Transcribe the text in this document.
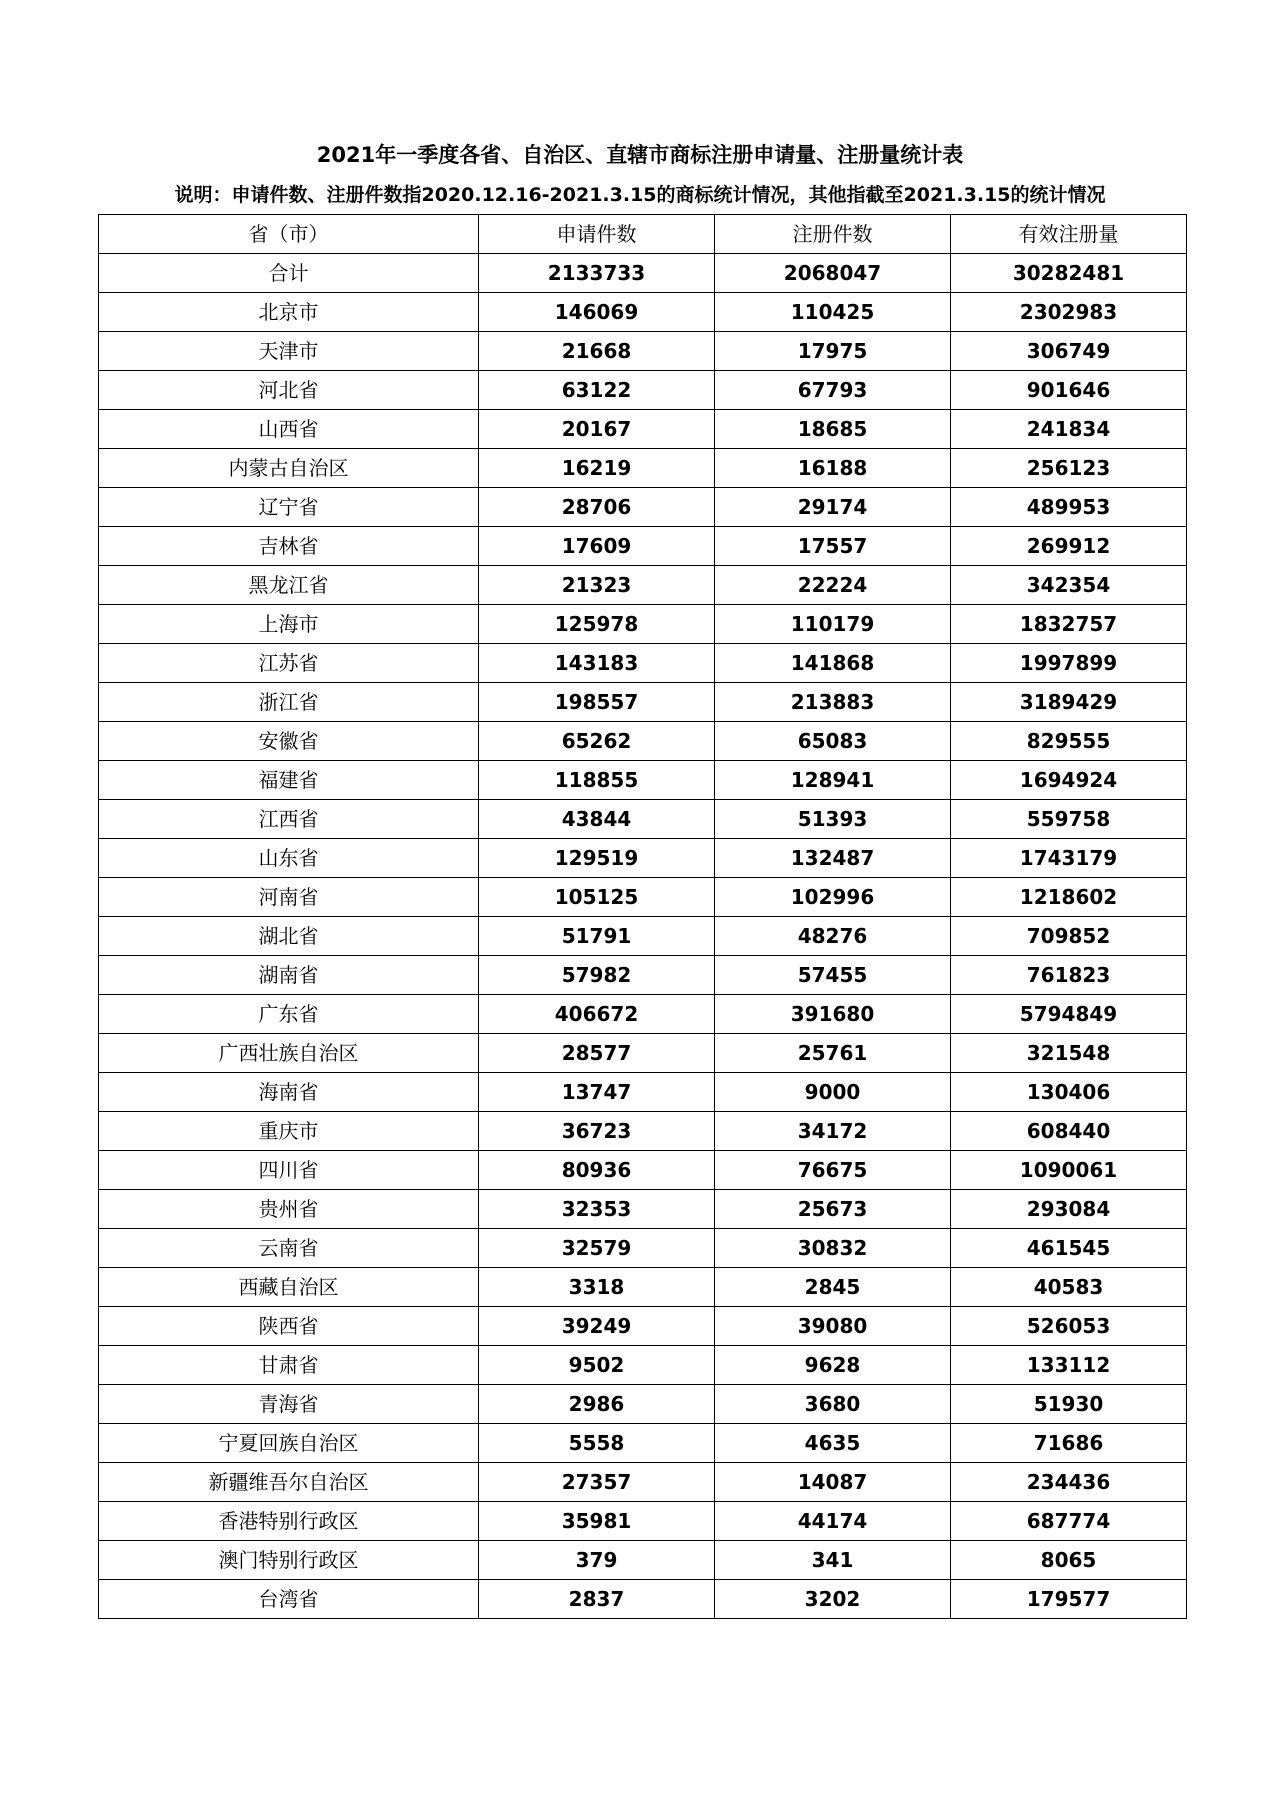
2021年一季度各省、自治区、直辖市商标注册申请量、注册量统计表
说明：申请件数、注册件数指2020.12.16-2021.3.15的商标统计情况，其他指截至2021.3.15的统计情况
省（市）	申请件数	注册件数	有效注册量
合计	2133733	2068047	30282481
北京市	146069	110425	2302983
天津市	21668	17975	306749
河北省	63122	67793	901646
山西省	20167	18685	241834
内蒙古自治区	16219	16188	256123
辽宁省	28706	29174	489953
吉林省	17609	17557	269912
黑龙江省	21323	22224	342354
上海市	125978	110179	1832757
江苏省	143183	141868	1997899
浙江省	198557	213883	3189429
安徽省	65262	65083	829555
福建省	118855	128941	1694924
江西省	43844	51393	559758
山东省	129519	132487	1743179
河南省	105125	102996	1218602
湖北省	51791	48276	709852
湖南省	57982	57455	761823
广东省	406672	391680	5794849
广西壮族自治区	28577	25761	321548
海南省	13747	9000	130406
重庆市	36723	34172	608440
四川省	80936	76675	1090061
贵州省	32353	25673	293084
云南省	32579	30832	461545
西藏自治区	3318	2845	40583
陕西省	39249	39080	526053
甘肃省	9502	9628	133112
青海省	2986	3680	51930
宁夏回族自治区	5558	4635	71686
新疆维吾尔自治区	27357	14087	234436
香港特别行政区	35981	44174	687774
澳门特别行政区	379	341	8065
台湾省	2837	3202	179577
